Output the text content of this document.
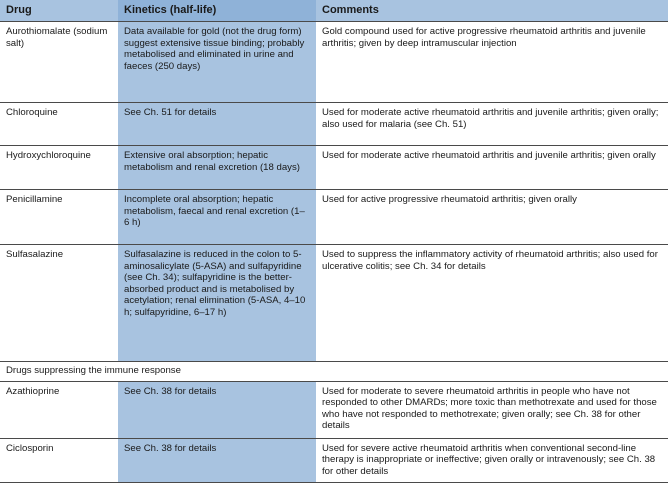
Drug	Kinetics (half-life)	Comments
Aurothiomalate (sodium salt)	Data available for gold (not the drug form) suggest extensive tissue binding; probably metabolised and eliminated in urine and faeces (250 days)	Gold compound used for active progressive rheumatoid arthritis and juvenile arthritis; given by deep intramuscular injection
Chloroquine	See Ch. 51 for details	Used for moderate active rheumatoid arthritis and juvenile arthritis; given orally; also used for malaria (see Ch. 51)
Hydroxychloroquine	Extensive oral absorption; hepatic metabolism and renal excretion (18 days)	Used for moderate active rheumatoid arthritis and juvenile arthritis; given orally
Penicillamine	Incomplete oral absorption; hepatic metabolism, faecal and renal excretion (1–6 h)	Used for active progressive rheumatoid arthritis; given orally
Sulfasalazine	Sulfasalazine is reduced in the colon to 5-aminosalicylate (5-ASA) and sulfapyridine (see Ch. 34); sulfapyridine is the better-absorbed product and is metabolised by acetylation; renal elimination (5-ASA, 4–10 h; sulfapyridine, 6–17 h)	Used to suppress the inflammatory activity of rheumatoid arthritis; also used for ulcerative colitis; see Ch. 34 for details
Drugs suppressing the immune response		
Azathioprine	See Ch. 38 for details	Used for moderate to severe rheumatoid arthritis in people who have not responded to other DMARDs; more toxic than methotrexate and used for those who have not responded to methotrexate; given orally; see Ch. 38 for other details
Ciclosporin	See Ch. 38 for details	Used for severe active rheumatoid arthritis when conventional second-line therapy is inappropriate or ineffective; given orally or intravenously; see Ch. 38 for other details
